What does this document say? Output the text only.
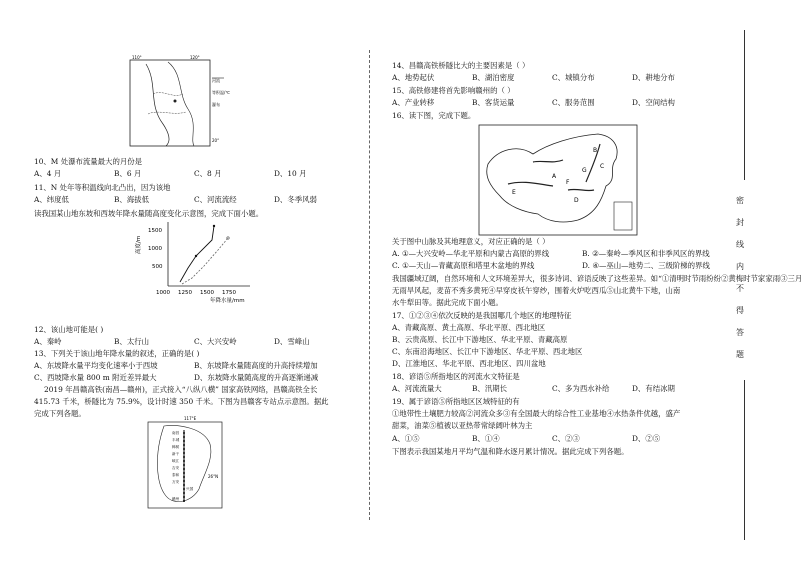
110°	120°
河流
等积温/℃
瀑布
20°
10、M 处瀑布流量最大的月份是
A、4 月	B、6 月	C、8 月	D、10 月
11、N 处年等积温线向北凸出，因为该地
A、纬度低	B、海拔低	C、河流流经	D、冬季风弱
读我国某山地东坡和西坡年降水量随高度变化示意图，完成下面小题。
高度/m
1500
1000
500
1000 1250 1500 1750
年降水量/mm
12、该山地可能是( )
A、秦岭	B、太行山	C、大兴安岭	D、雪峰山
13、下列关于该山地年降水量的叙述，正确的是( )
A、东坡降水量平均变化速率小于西坡	B、东坡降水量随高度的升高持续增加
C、西坡降水量 800 m 附近差异最大	D、东坡降水量随高度的升高逐渐递减
2019 年昌赣高铁(南昌—赣州)，正式接入“八纵八横” 国家高铁网络，昌赣高铁全长
415.73 千米，桥隧比为 75.9%，设计时速 350 千米。下图为昌赣客专站点示意图。据此
完成下列各题。
117°E
26°N
南昌
丰城
樟树
新干
峡江
吉安
泰和
万安
兴国
赣州
14、昌赣高铁桥隧比大的主要因素是（ ）
A、地势起伏	B、湖泊密度	C、城镇分布	D、耕地分布
15、高铁修建将首先影响赣州的（ ）
A、产业转移	B、客货运量	C、服务范围	D、空间结构
16、读下图，完成下题。
A
B
C
D
E
F
G
关于图中山脉及其地理意义，对应正确的是（ ）
A. ①—大兴安岭—华北平原和内蒙古高原的界线	B. ②—秦岭—季风区和非季风区的界线
C. ①—天山—青藏高原和塔里木盆地的界线	D. ④—巫山—地势二、三级阶梯的界线
我国疆域辽阔，自然环境和人文环境差异大，很多诗词、谚语反映了这些差异。如“①清明时节雨纷纷②黄梅时节家家雨③三月
无雨旱风起，麦苗不秀多黄死④早穿皮袄午穿纱，围着火炉吃西瓜⑤山北黄牛下地，山南
水牛犁田等。据此完成下面小题。
17、①②③④依次反映的是我国哪几个地区的地理特征
A、青藏高原、黄土高原、华北平原、西北地区
B、云贵高原、长江中下游地区、华北平原、青藏高原
C、东南沿海地区、长江中下游地区、华北平原、西北地区
D、江淮地区、华北平原、西北地区、四川盆地
18、谚语⑤所指地区的河流水文特征是
A、河流流量大	B、汛期长	C、多为西水补给	D、有结冰期
19、属于谚语⑤所指地区区域特征的有
①地带性土壤肥力较高②河流众多③有全国最大的综合性工业基地④水热条件优越，盛产
甜菜，油菜⑤植被以亚热带常绿阔叶林为主
A、①⑤	B、①④	C、②③	D、②⑤
下图表示我国某地月平均气温和降水逐月累计情况。据此完成下列各题。
密
封
线
内
不
得
答
题
